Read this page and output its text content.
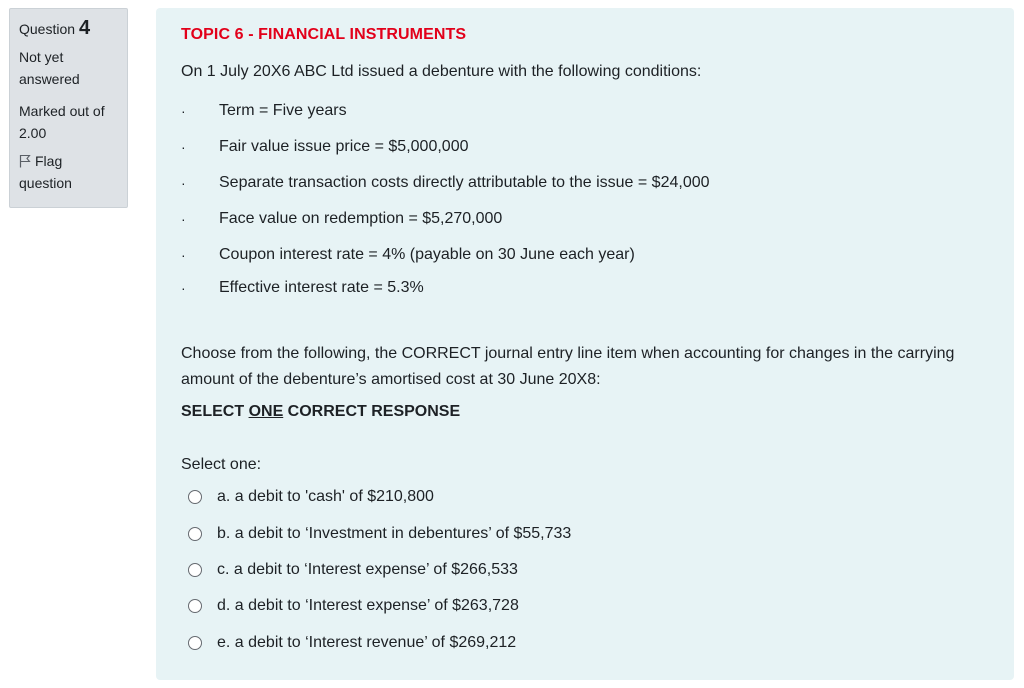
Question 4
Not yet
answered
Marked out of
2.00
Flag
question
TOPIC 6 - FINANCIAL INSTRUMENTS
On 1 July 20X6 ABC Ltd issued a debenture with the following conditions:
· Term = Five years
· Fair value issue price = $5,000,000
· Separate transaction costs directly attributable to the issue = $24,000
· Face value on redemption = $5,270,000
· Coupon interest rate = 4% (payable on 30 June each year)
· Effective interest rate = 5.3%
Choose from the following, the CORRECT journal entry line item when accounting for changes in the carrying amount of the debenture’s amortised cost at 30 June 20X8:
SELECT ONE CORRECT RESPONSE
Select one:
a. a debit to 'cash' of $210,800
b. a debit to ‘Investment in debentures’ of $55,733
c. a debit to ‘Interest expense’ of $266,533
d. a debit to ‘Interest expense’ of $263,728
e. a debit to ‘Interest revenue’ of $269,212
